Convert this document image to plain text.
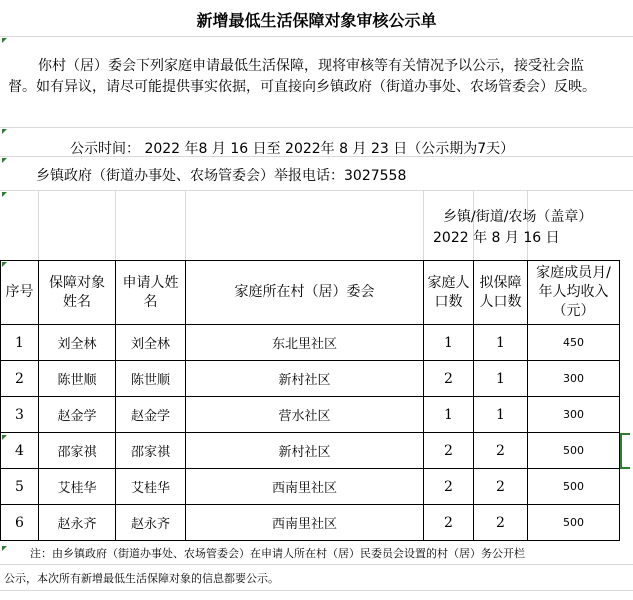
新增最低生活保障对象审核公示单
你村（居）委会下列家庭申请最低生活保障，现将审核等有关情况予以公示，接受社会监督。如有异议，请尽可能提供事实依据，可直接向乡镇政府（街道办事处、农场管委会）反映。
公示时间： 2022 年8 月 16 日至 2022年 8 月 23 日（公示期为7天）
乡镇政府（街道办事处、农场管委会）举报电话：3027558
乡镇/街道/农场（盖章）
2022 年 8 月 16 日
序号	保障对象姓名	申请人姓名	家庭所在村（居）委会	家庭人口数	拟保障人口数	家庭成员月/年人均收入（元）
1	刘全林	刘全林	东北里社区	1	1	450
2	陈世顺	陈世顺	新村社区	2	1	300
3	赵金学	赵金学	营水社区	1	1	300
4	邵家祺	邵家祺	新村社区	2	2	500
5	艾桂华	艾桂华	西南里社区	2	2	500
6	赵永齐	赵永齐	西南里社区	2	2	500
注：由乡镇政府（街道办事处、农场管委会）在申请人所在村（居）民委员会设置的村（居）务公开栏
公示，本次所有新增最低生活保障对象的信息都要公示。
